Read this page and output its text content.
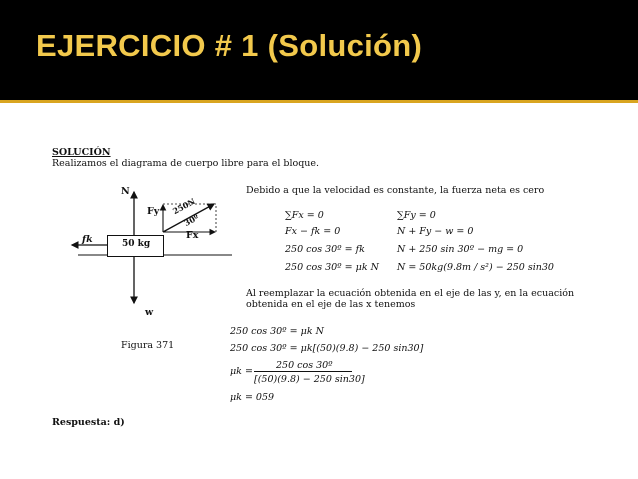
EJERCICIO # 1 (Solución)
SOLUCIÓN
Realizamos el diagrama de cuerpo libre para el bloque.
50 kg
N
Fy 250N
30º
Fx
fk
w
Figura 371
Debido a que la velocidad es constante, la fuerza neta es cero
∑Fx = 0
Fx − fk = 0
250 cos 30º = fk
250 cos 30º = μk N
∑Fy = 0
N + Fy − w = 0
N + 250 sin 30º − mg = 0
N = 50kg(9.8m / s²) − 250 sin30
Al reemplazar la ecuación obtenida en el eje de las y, en la ecuación
obtenida en el eje de las x tenemos
250 cos 30º = μk N
250 cos 30º = μk[(50)(9.8) − 250 sin30]
250 cos 30º
μk =
[(50)(9.8) − 250 sin30]
μk = 059
Respuesta: d)
